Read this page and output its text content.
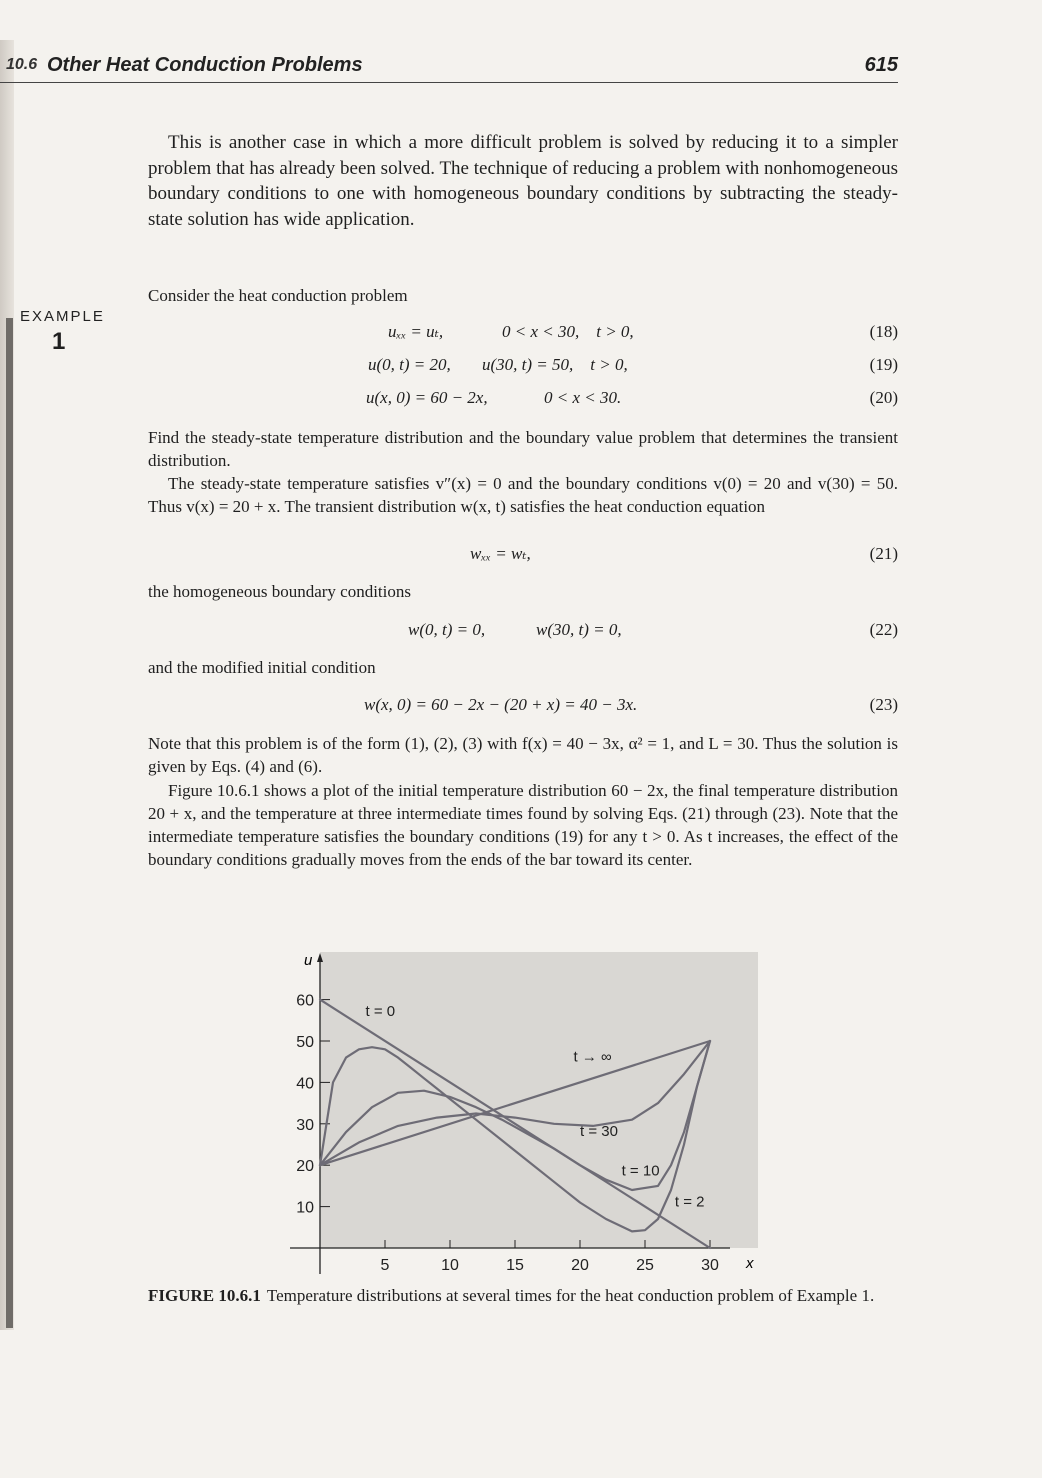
10.6 Other Heat Conduction Problems	615

This is another case in which a more difficult problem is solved by reducing it to a simpler problem that has already been solved. The technique of reducing a problem with nonhomogeneous boundary conditions to one with homogeneous boundary conditions by subtracting the steady-state solution has wide application.

EXAMPLE
1

Consider the heat conduction problem

uₓₓ = uₜ,	0 < x < 30,    t > 0,	(18)
u(0, t) = 20, u(30, t) = 50,    t > 0,	(19)
u(x, 0) = 60 − 2x,	0 < x < 30.	(20)

Find the steady-state temperature distribution and the boundary value problem that determines the transient distribution.

The steady-state temperature satisfies v″(x) = 0 and the boundary conditions v(0) = 20 and v(30) = 50. Thus v(x) = 20 + x. The transient distribution w(x, t) satisfies the heat conduction equation

wₓₓ = wₜ,	(21)

the homogeneous boundary conditions

w(0, t) = 0,	w(30, t) = 0,	(22)

and the modified initial condition

w(x, 0) = 60 − 2x − (20 + x) = 40 − 3x.	(23)

Note that this problem is of the form (1), (2), (3) with f(x) = 40 − 3x, α² = 1, and L = 30. Thus the solution is given by Eqs. (4) and (6).

Figure 10.6.1 shows a plot of the initial temperature distribution 60 − 2x, the final temperature distribution 20 + x, and the temperature at three intermediate times found by solving Eqs. (21) through (23). Note that the intermediate temperature satisfies the boundary conditions (19) for any t > 0. As t increases, the effect of the boundary conditions gradually moves from the ends of the bar toward its center.

x
u
5	10	15	20	25	30
10
20
30
40
50
60
t = 0
t → ∞
t = 30
t = 10
t = 2

FIGURE 10.6.1 Temperature distributions at several times for the heat conduction problem of Example 1.
